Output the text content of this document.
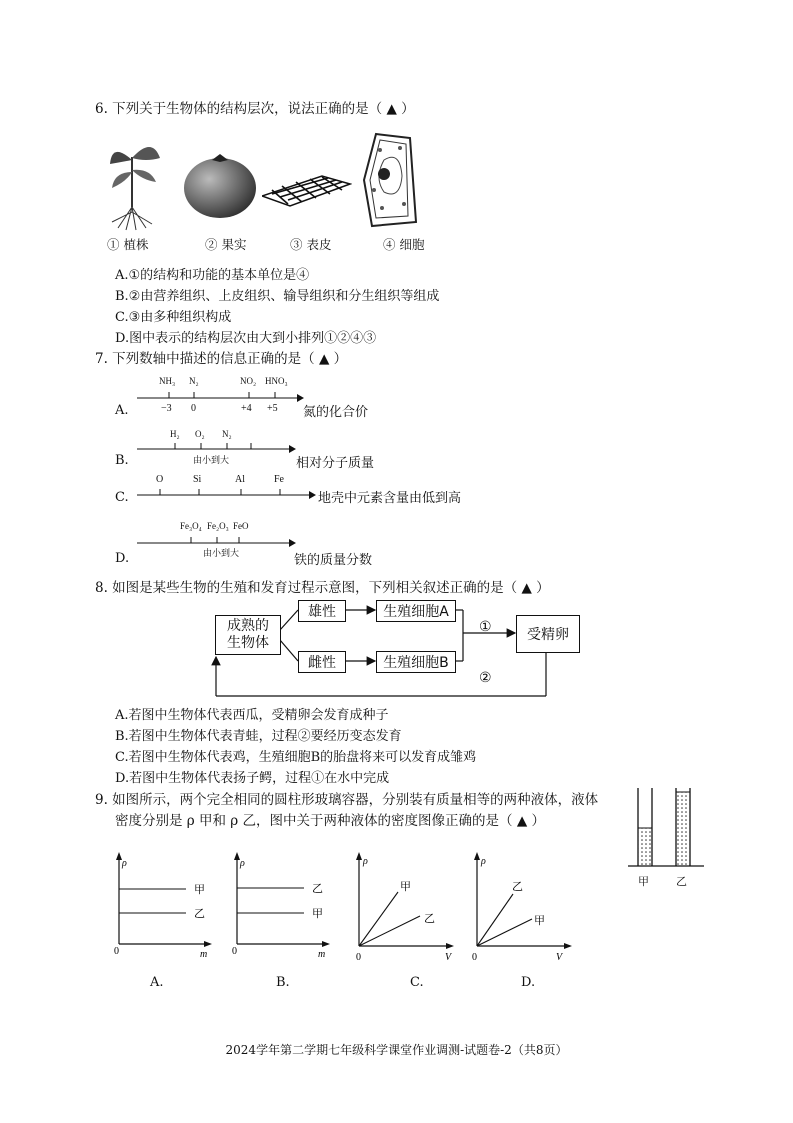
6. 下列关于生物体的结构层次，说法正确的是（ ▲ ）
① 植株	② 果实	③ 表皮	④ 细胞
A.①的结构和功能的基本单位是④
B.②由营养组织、上皮组织、输导组织和分生组织等组成
C.③由多种组织构成
D.图中表示的结构层次由大到小排列①②④③
7. 下列数轴中描述的信息正确的是（ ▲ ）
A.
NH₃ N₂	NO₂ HNO₃
−3 0	+4 +5 氮的化合价
B.
H₂ O₂ N₂
由小到大	相对分子质量
C.
O	Si	Al	Fe
地壳中元素含量由低到高
D.
Fe₃O₄ Fe₂O₃ FeO
由小到大	铁的质量分数
8. 如图是某些生物的生殖和发育过程示意图，下列相关叙述正确的是（ ▲ ）
成熟的
生物体
雄性
雌性
生殖细胞A
生殖细胞B
受精卵
①
②
A.若图中生物体代表西瓜，受精卵会发育成种子
B.若图中生物体代表青蛙，过程②要经历变态发育
C.若图中生物体代表鸡，生殖细胞B的胎盘将来可以发育成雏鸡
D.若图中生物体代表扬子鳄，过程①在水中完成
9. 如图所示，两个完全相同的圆柱形玻璃容器，分别装有质量相等的两种液体，液体
密度分别是 ρ 甲和 ρ 乙，图中关于两种液体的密度图像正确的是（ ▲ ）
甲 乙
ρ
m
0
甲
乙
A.
ρ
m
0
乙
甲
B.
ρ
V
0
甲
乙
C.
ρ
V
0
乙
甲
D.
2024学年第二学期七年级科学课堂作业调测-试题卷-2（共8页）
